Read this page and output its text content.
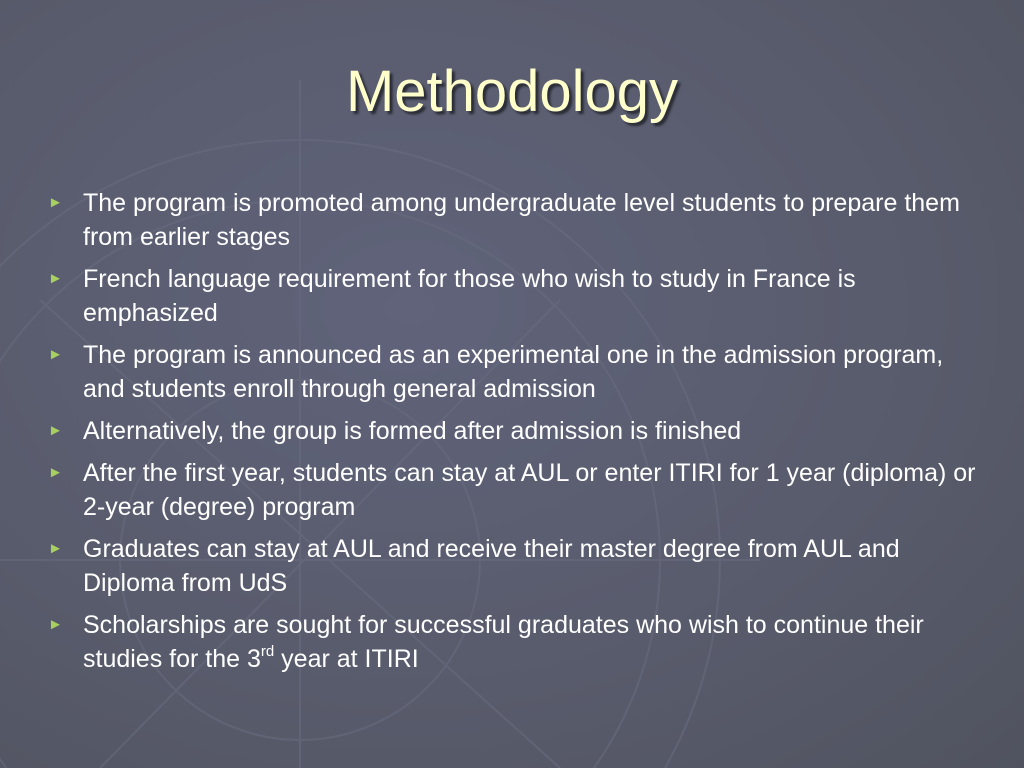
Methodology
► The program is promoted among undergraduate level students to prepare them from earlier stages
► French language requirement for those who wish to study in France is emphasized
► The program is announced as an experimental one in the admission program, and students enroll through general admission
► Alternatively, the group is formed after admission is finished
► After the first year, students can stay at AUL or enter ITIRI for 1 year (diploma) or 2-year (degree) program
► Graduates can stay at AUL and receive their master degree from AUL and Diploma from UdS
► Scholarships are sought for successful graduates who wish to continue their studies for the 3rd year at ITIRI
